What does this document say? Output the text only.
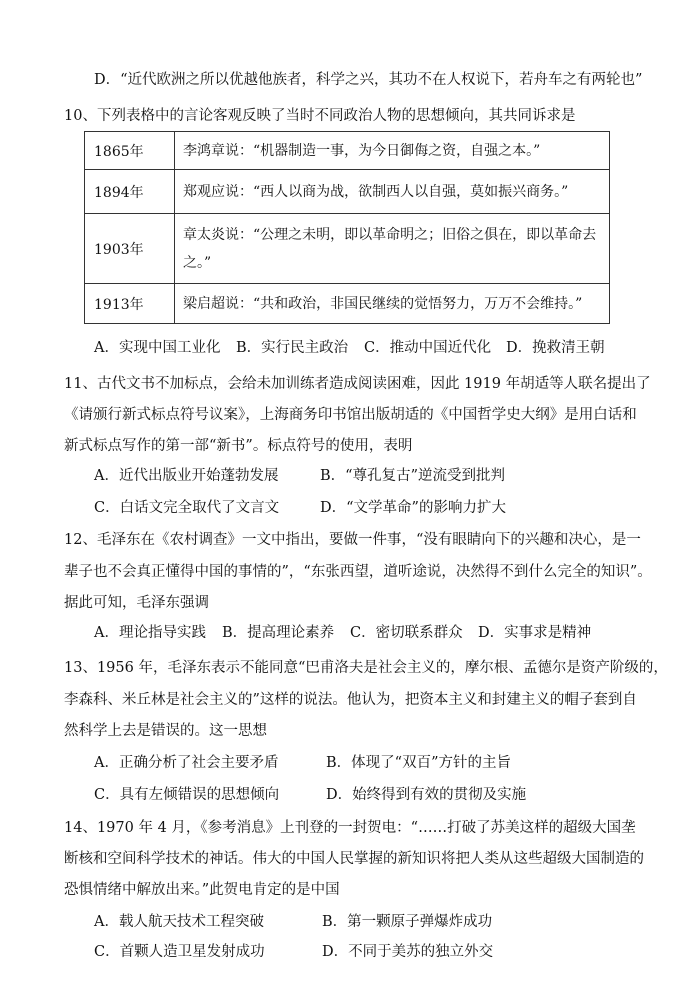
D．“近代欧洲之所以优越他族者，科学之兴，其功不在人权说下，若舟车之有两轮也”
10、下列表格中的言论客观反映了当时不同政治人物的思想倾向，其共同诉求是
1865年	李鸿章说：“机器制造一事，为今日御侮之资，自强之本。”
1894年	郑观应说：“西人以商为战，欲制西人以自强，莫如振兴商务。”
1903年	章太炎说：“公理之未明，即以革命明之；旧俗之俱在，即以革命去
之。”

1913年	梁启超说：“共和政治，非国民继续的觉悟努力，万万不会维持。”
A．实现中国工业化 B．实行民主政治 C．推动中国近代化 D．挽救清王朝
11、古代文书不加标点，会给未加训练者造成阅读困难，因此 1919 年胡适等人联名提出了
《请颁行新式标点符号议案》，上海商务印书馆出版胡适的《中国哲学史大纲》是用白话和
新式标点写作的第一部“新书”。标点符号的使用，表明
A．近代出版业开始蓬勃发展	B．“尊孔复古”逆流受到批判
C．白话文完全取代了文言文	D．“文学革命”的影响力扩大
12、毛泽东在《农村调查》一文中指出，要做一件事，“没有眼睛向下的兴趣和决心，是一
辈子也不会真正懂得中国的事情的”，“东张西望，道听途说，决然得不到什么完全的知识”。
据此可知，毛泽东强调
A．理论指导实践 B．提高理论素养 C．密切联系群众 D．实事求是精神
13、1956 年，毛泽东表示不能同意“巴甫洛夫是社会主义的，摩尔根、孟德尔是资产阶级的，
李森科、米丘林是社会主义的”这样的说法。他认为，把资本主义和封建主义的帽子套到自
然科学上去是错误的。这一思想
A．正确分析了社会主要矛盾	B．体现了“双百”方针的主旨
C．具有左倾错误的思想倾向	D．始终得到有效的贯彻及实施
14、1970 年 4 月，《参考消息》上刊登的一封贺电：“……打破了苏美这样的超级大国垄
断核和空间科学技术的神话。伟大的中国人民掌握的新知识将把人类从这些超级大国制造的
恐惧情绪中解放出来。”此贺电肯定的是中国
A．载人航天技术工程突破	B．第一颗原子弹爆炸成功
C．首颗人造卫星发射成功	D．不同于美苏的独立外交
